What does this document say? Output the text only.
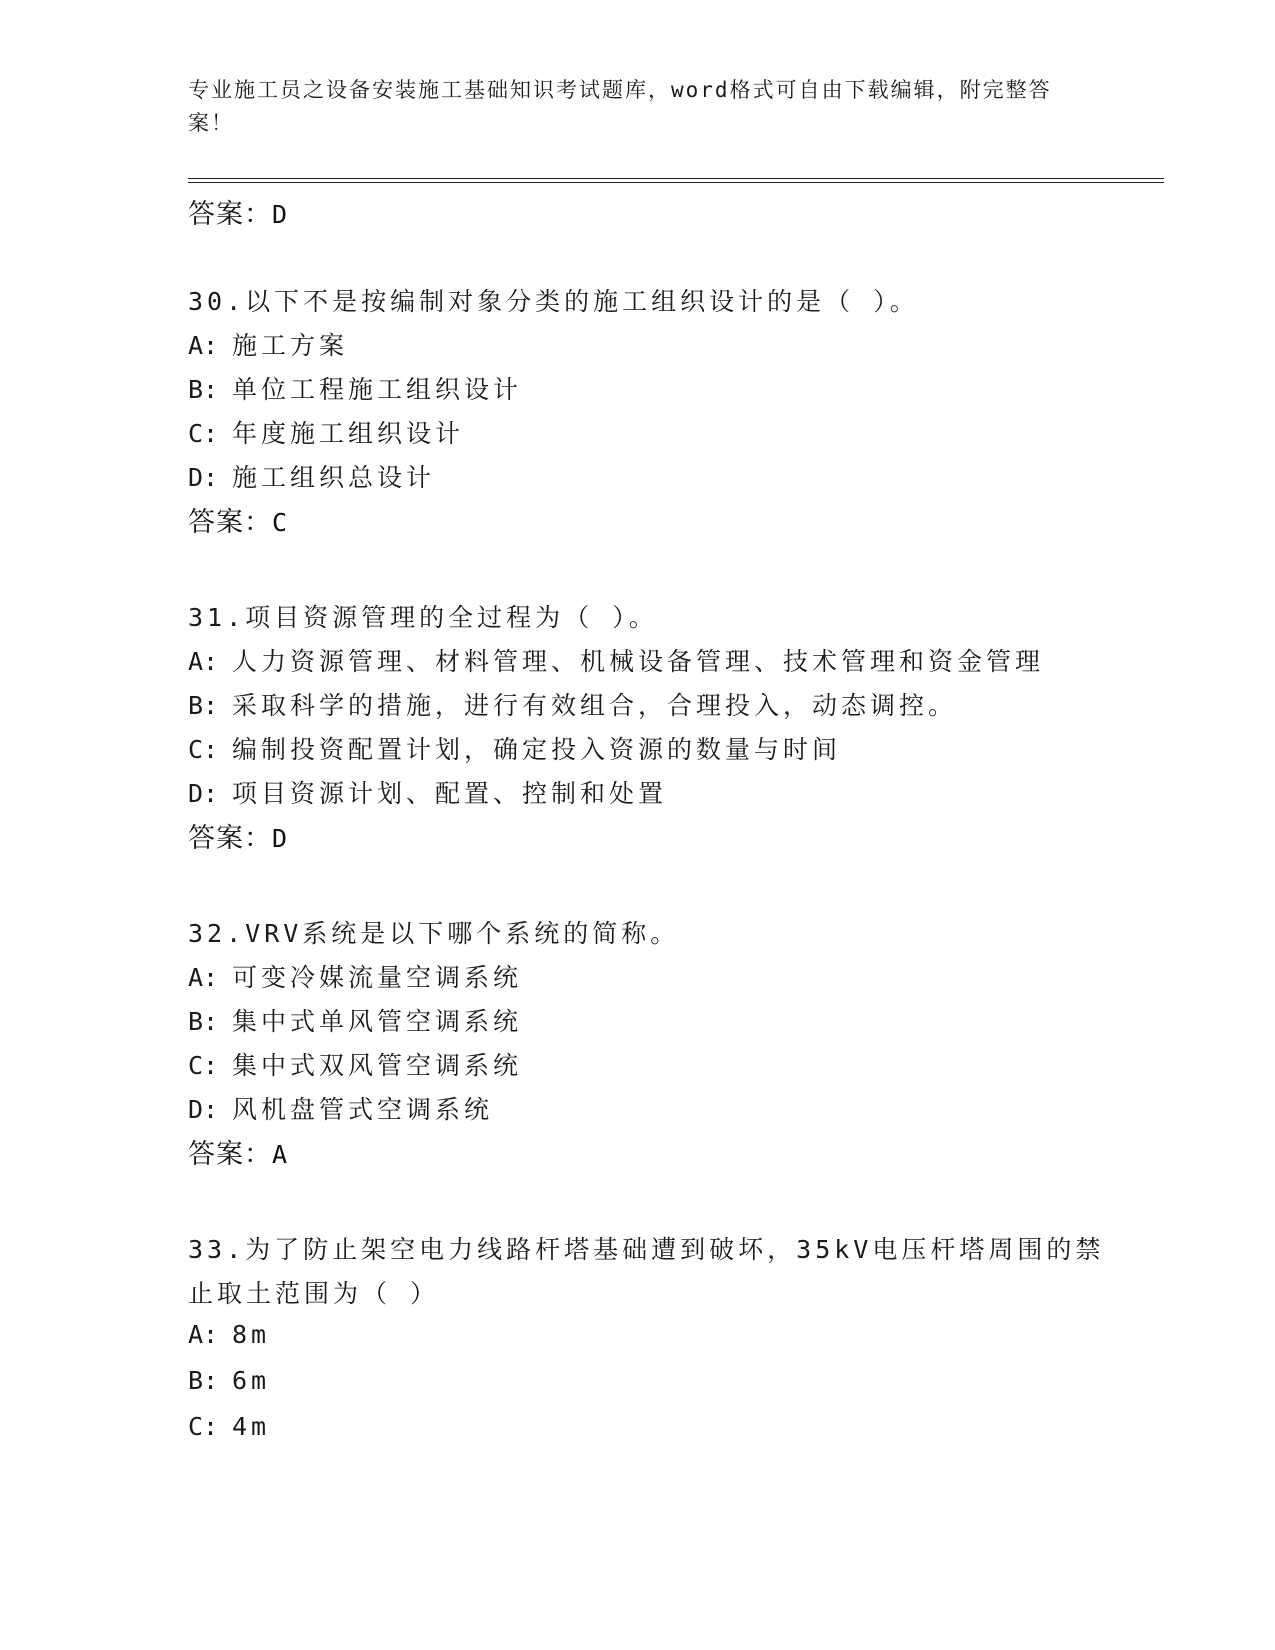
专业施工员之设备安装施工基础知识考试题库，word格式可自由下载编辑，附完整答案！
答案：D
30.以下不是按编制对象分类的施工组织设计的是（ ）。
A: 施工方案
B: 单位工程施工组织设计
C: 年度施工组织设计
D: 施工组织总设计
答案：C
31.项目资源管理的全过程为（ ）。
A: 人力资源管理、材料管理、机械设备管理、技术管理和资金管理
B: 采取科学的措施，进行有效组合，合理投入，动态调控。
C: 编制投资配置计划，确定投入资源的数量与时间
D: 项目资源计划、配置、控制和处置
答案：D
32.VRV系统是以下哪个系统的简称。
A: 可变冷媒流量空调系统
B: 集中式单风管空调系统
C: 集中式双风管空调系统
D: 风机盘管式空调系统
答案：A
33.为了防止架空电力线路杆塔基础遭到破坏，35kV电压杆塔周围的禁
止取土范围为（ ）
A: 8m
B: 6m
C: 4m
